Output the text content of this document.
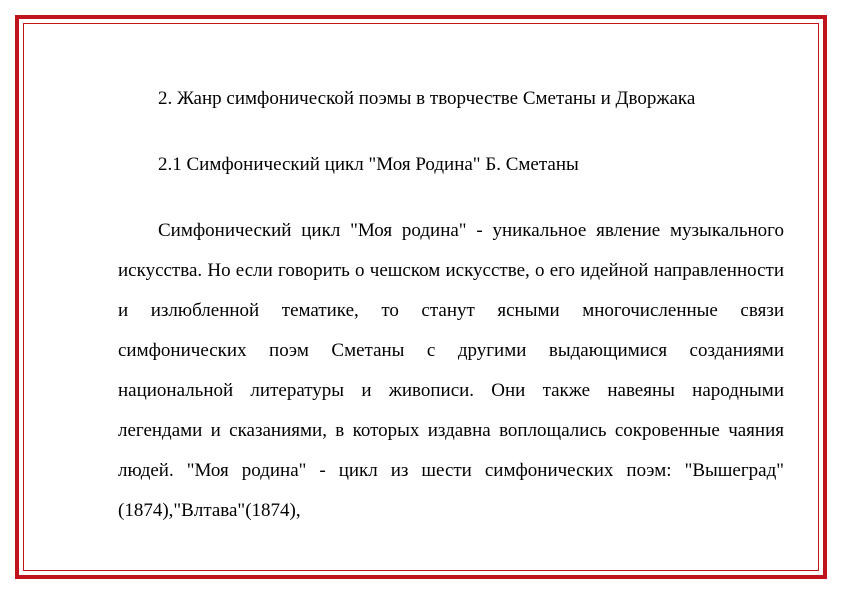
2. Жанр симфонической поэмы в творчестве Сметаны и Дворжака

2.1 Симфонический цикл "Моя Родина" Б. Сметаны

Симфонический цикл "Моя родина" - уникальное явление музыкального искусства. Но если говорить о чешском искусстве, о его идейной направленности и излюбленной тематике, то станут ясными многочисленные связи симфонических поэм Сметаны с другими выдающимися созданиями национальной литературы и живописи. Они также навеяны народными легендами и сказаниями, в которых издавна воплощались сокровенные чаяния людей. "Моя родина" - цикл из шести симфонических поэм: "Вышеград"(1874),"Влтава"(1874),
